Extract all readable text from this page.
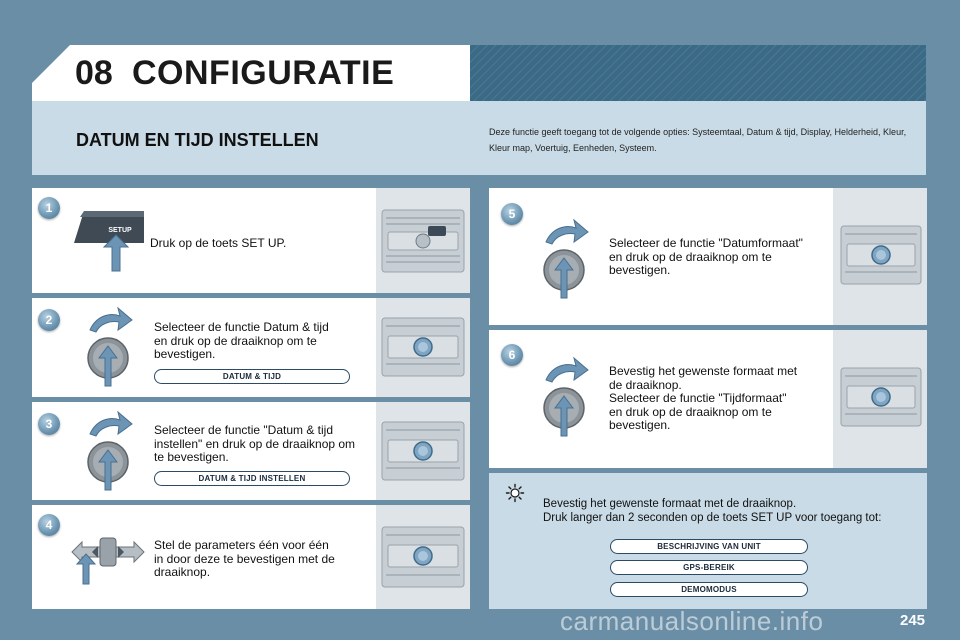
08 CONFIGURATIE
DATUM EN TIJD INSTELLEN	Deze functie geeft toegang tot de volgende opties: Systeemtaal, Datum & tijd, Display, Helderheid, Kleur, Kleur map, Voertuig, Eenheden, Systeem.
1
SETUP
Druk op de toets SET UP.
2	Selecteer de functie Datum & tijd
en druk op de draaiknop om te
bevestigen.
DATUM & TIJD
3	Selecteer de functie "Datum & tijd
instellen" en druk op de draaiknop om
te bevestigen.
DATUM & TIJD INSTELLEN
4
Stel de parameters één voor één
in door deze te bevestigen met de
draaiknop.
5
Selecteer de functie "Datumformaat"
en druk op de draaiknop om te
bevestigen.
6
Bevestig het gewenste formaat met
de draaiknop.
Selecteer de functie "Tijdformaat"
en druk op de draaiknop om te
bevestigen.
Bevestig het gewenste formaat met de draaiknop.
Druk langer dan 2 seconden op de toets SET UP voor toegang tot:
BESCHRIJVING VAN UNIT
GPS-BEREIK
DEMOMODUS
carmanualsonline.info	245
